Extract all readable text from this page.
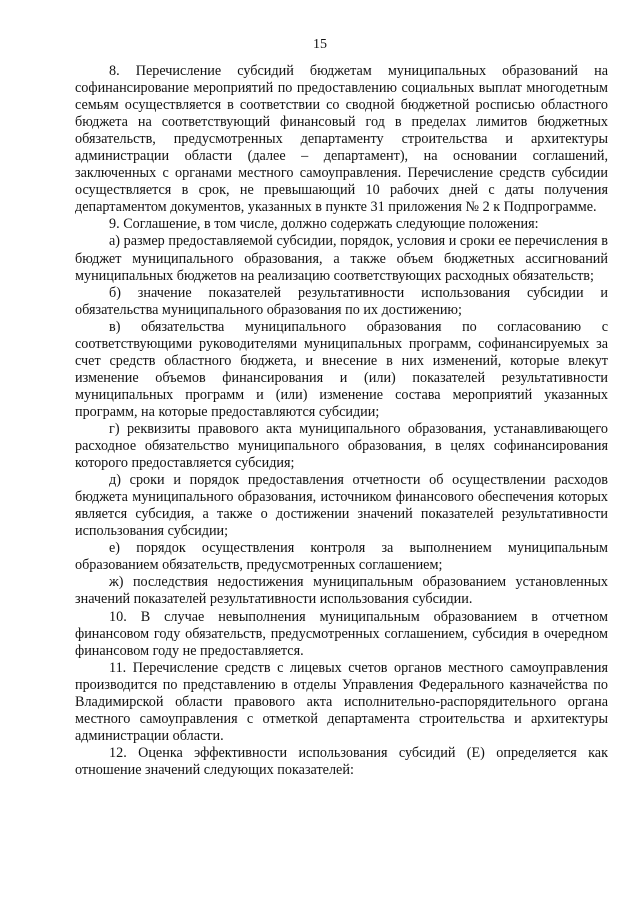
15

8. Перечисление субсидий бюджетам муниципальных образований на софинансирование мероприятий по предоставлению социальных выплат многодетным семьям осуществляется в соответствии со сводной бюджетной росписью областного бюджета на соответствующий финансовый год в пределах лимитов бюджетных обязательств, предусмотренных департаменту строительства и архитектуры администрации области (далее – департамент), на основании соглашений, заключенных с органами местного самоуправления. Перечисление средств субсидии осуществляется в срок, не превышающий 10 рабочих дней с даты получения департаментом документов, указанных в пункте 31 приложения № 2 к Подпрограмме.

9. Соглашение, в том числе, должно содержать следующие положения:

а) размер предоставляемой субсидии, порядок, условия и сроки ее перечисления в бюджет муниципального образования, а также объем бюджетных ассигнований муниципальных бюджетов на реализацию соответствующих расходных обязательств;

б) значение показателей результативности использования субсидии и обязательства муниципального образования по их достижению;

в) обязательства муниципального образования по согласованию с соответствующими руководителями муниципальных программ, софинансируемых за счет средств областного бюджета, и внесение в них изменений, которые влекут изменение объемов финансирования и (или) показателей результативности муниципальных программ и (или) изменение состава мероприятий указанных программ, на которые предоставляются субсидии;

г) реквизиты правового акта муниципального образования, устанавливающего расходное обязательство муниципального образования, в целях софинансирования которого предоставляется субсидия;

д) сроки и порядок предоставления отчетности об осуществлении расходов бюджета муниципального образования, источником финансового обеспечения которых является субсидия, а также о достижении значений показателей результативности использования субсидии;

е) порядок осуществления контроля за выполнением муниципальным образованием обязательств, предусмотренных соглашением;

ж) последствия недостижения муниципальным образованием установленных значений показателей результативности использования субсидии.

10. В случае невыполнения муниципальным образованием в отчетном финансовом году обязательств, предусмотренных соглашением, субсидия в очередном финансовом году не предоставляется.

11. Перечисление средств с лицевых счетов органов местного самоуправления производится по представлению в отделы Управления Федерального казначейства по Владимирской области правового акта исполнительно-распорядительного органа местного самоуправления с отметкой департамента строительства и архитектуры администрации области.

12. Оценка эффективности использования субсидий (Е) определяется как отношение значений следующих показателей:
